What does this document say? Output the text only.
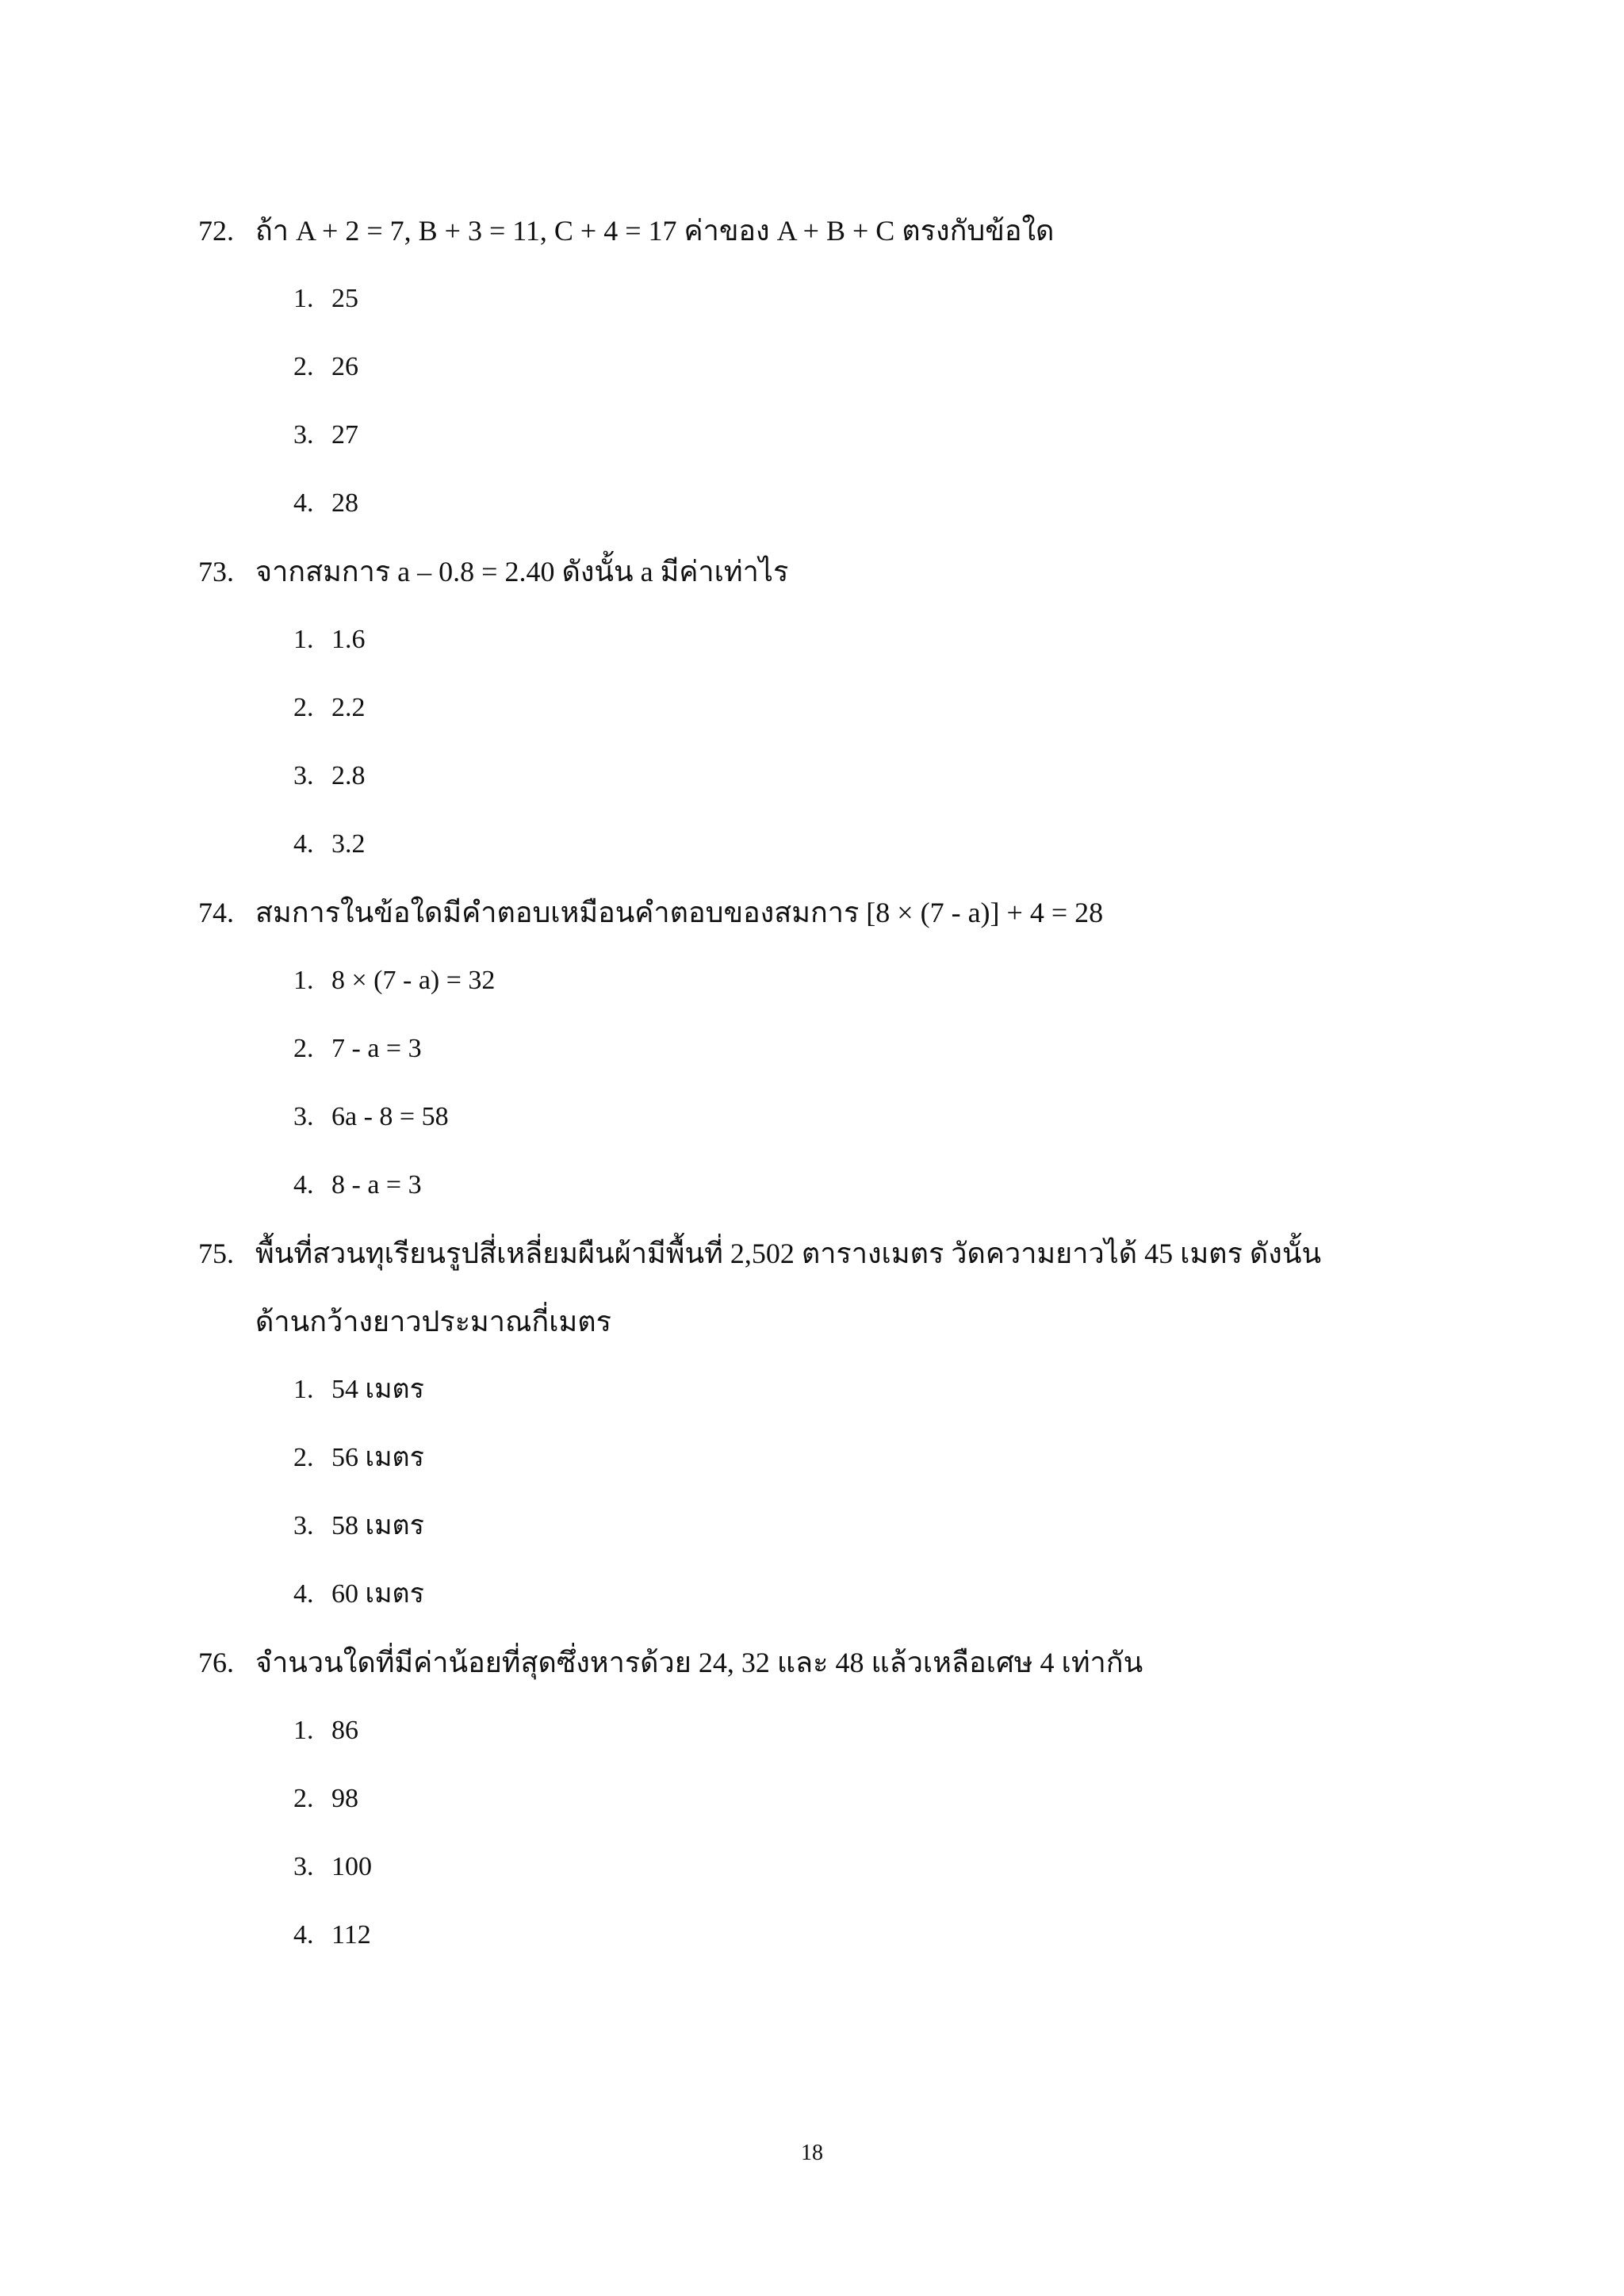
72. ถ้า A + 2 = 7, B + 3 = 11, C + 4 = 17 ค่าของ A + B + C ตรงกับข้อใด
1. 25
2. 26
3. 27
4. 28
73. จากสมการ a – 0.8 = 2.40 ดังนั้น a มีค่าเท่าไร
1. 1.6
2. 2.2
3. 2.8
4. 3.2
74. สมการในข้อใดมีคำตอบเหมือนคำตอบของสมการ [8 × (7 - a)] + 4 = 28
1. 8 × (7 - a) = 32
2. 7 - a = 3
3. 6a - 8 = 58
4. 8 - a = 3
75. พื้นที่สวนทุเรียนรูปสี่เหลี่ยมผืนผ้ามีพื้นที่ 2,502 ตารางเมตร วัดความยาวได้ 45 เมตร ดังนั้น
ด้านกว้างยาวประมาณกี่เมตร
1. 54 เมตร
2. 56 เมตร
3. 58 เมตร
4. 60 เมตร
76. จำนวนใดที่มีค่าน้อยที่สุดซึ่งหารด้วย 24, 32 และ 48 แล้วเหลือเศษ 4 เท่ากัน
1. 86
2. 98
3. 100
4. 112
18
